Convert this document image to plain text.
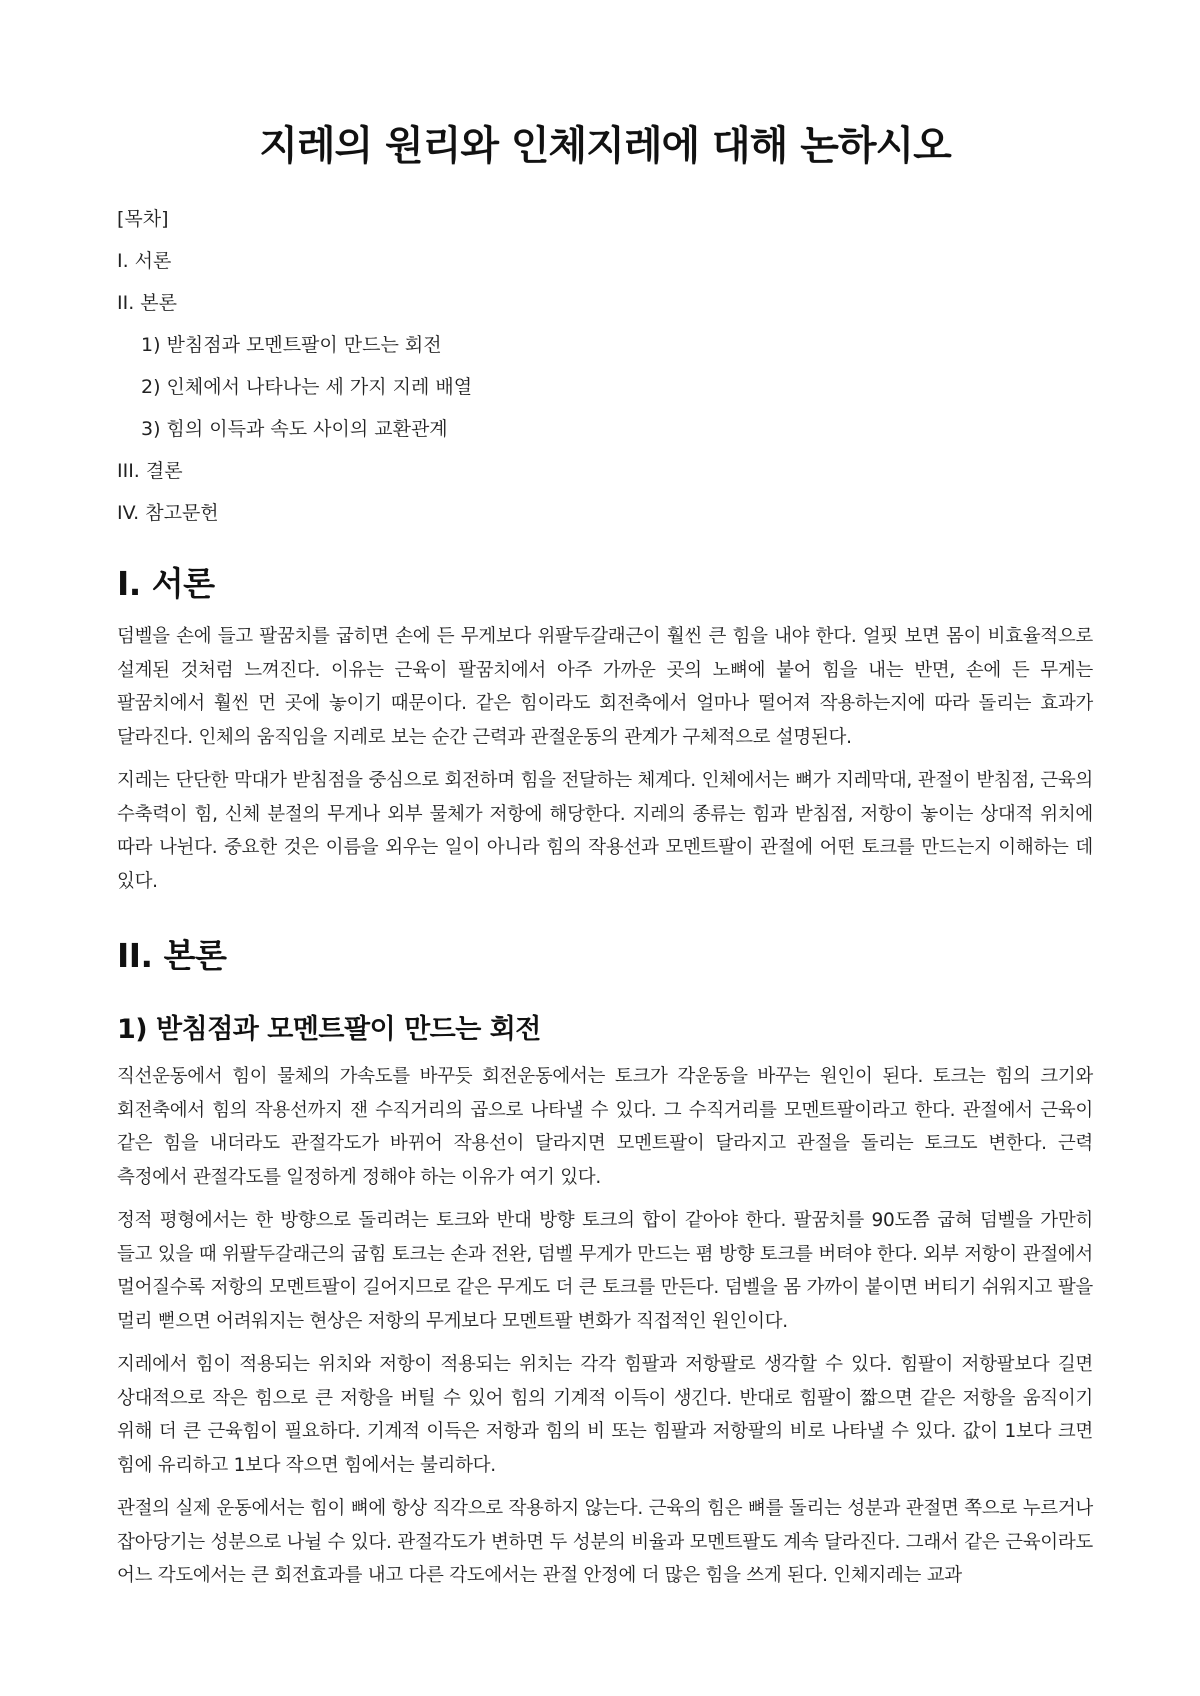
지레의 원리와 인체지레에 대해 논하시오
[목차]
I. 서론
II. 본론
1) 받침점과 모멘트팔이 만드는 회전
2) 인체에서 나타나는 세 가지 지레 배열
3) 힘의 이득과 속도 사이의 교환관계
III. 결론
IV. 참고문헌
I. 서론

덤벨을 손에 들고 팔꿈치를 굽히면 손에 든 무게보다 위팔두갈래근이 훨씬 큰 힘을 내야 한다. 얼핏 보면 몸이 비효율적으로 설계된 것처럼 느껴진다. 이유는 근육이 팔꿈치에서 아주 가까운 곳의 노뼈에 붙어 힘을 내는 반면, 손에 든 무게는 팔꿈치에서 훨씬 먼 곳에 놓이기 때문이다. 같은 힘이라도 회전축에서 얼마나 떨어져 작용하는지에 따라 돌리는 효과가 달라진다. 인체의 움직임을 지레로 보는 순간 근력과 관절운동의 관계가 구체적으로 설명된다.

지레는 단단한 막대가 받침점을 중심으로 회전하며 힘을 전달하는 체계다. 인체에서는 뼈가 지레막대, 관절이 받침점, 근육의 수축력이 힘, 신체 분절의 무게나 외부 물체가 저항에 해당한다. 지레의 종류는 힘과 받침점, 저항이 놓이는 상대적 위치에 따라 나뉜다. 중요한 것은 이름을 외우는 일이 아니라 힘의 작용선과 모멘트팔이 관절에 어떤 토크를 만드는지 이해하는 데 있다.

II. 본론
1) 받침점과 모멘트팔이 만드는 회전

직선운동에서 힘이 물체의 가속도를 바꾸듯 회전운동에서는 토크가 각운동을 바꾸는 원인이 된다. 토크는 힘의 크기와 회전축에서 힘의 작용선까지 잰 수직거리의 곱으로 나타낼 수 있다. 그 수직거리를 모멘트팔이라고 한다. 관절에서 근육이 같은 힘을 내더라도 관절각도가 바뀌어 작용선이 달라지면 모멘트팔이 달라지고 관절을 돌리는 토크도 변한다. 근력 측정에서 관절각도를 일정하게 정해야 하는 이유가 여기 있다.

정적 평형에서는 한 방향으로 돌리려는 토크와 반대 방향 토크의 합이 같아야 한다. 팔꿈치를 90도쯤 굽혀 덤벨을 가만히 들고 있을 때 위팔두갈래근의 굽힘 토크는 손과 전완, 덤벨 무게가 만드는 폄 방향 토크를 버텨야 한다. 외부 저항이 관절에서 멀어질수록 저항의 모멘트팔이 길어지므로 같은 무게도 더 큰 토크를 만든다. 덤벨을 몸 가까이 붙이면 버티기 쉬워지고 팔을 멀리 뻗으면 어려워지는 현상은 저항의 무게보다 모멘트팔 변화가 직접적인 원인이다.

지레에서 힘이 적용되는 위치와 저항이 적용되는 위치는 각각 힘팔과 저항팔로 생각할 수 있다. 힘팔이 저항팔보다 길면 상대적으로 작은 힘으로 큰 저항을 버틸 수 있어 힘의 기계적 이득이 생긴다. 반대로 힘팔이 짧으면 같은 저항을 움직이기 위해 더 큰 근육힘이 필요하다. 기계적 이득은 저항과 힘의 비 또는 힘팔과 저항팔의 비로 나타낼 수 있다. 값이 1보다 크면 힘에 유리하고 1보다 작으면 힘에서는 불리하다.

관절의 실제 운동에서는 힘이 뼈에 항상 직각으로 작용하지 않는다. 근육의 힘은 뼈를 돌리는 성분과 관절면 쪽으로 누르거나 잡아당기는 성분으로 나뉠 수 있다. 관절각도가 변하면 두 성분의 비율과 모멘트팔도 계속 달라진다. 그래서 같은 근육이라도 어느 각도에서는 큰 회전효과를 내고 다른 각도에서는 관절 안정에 더 많은 힘을 쓰게 된다. 인체지레는 교과
